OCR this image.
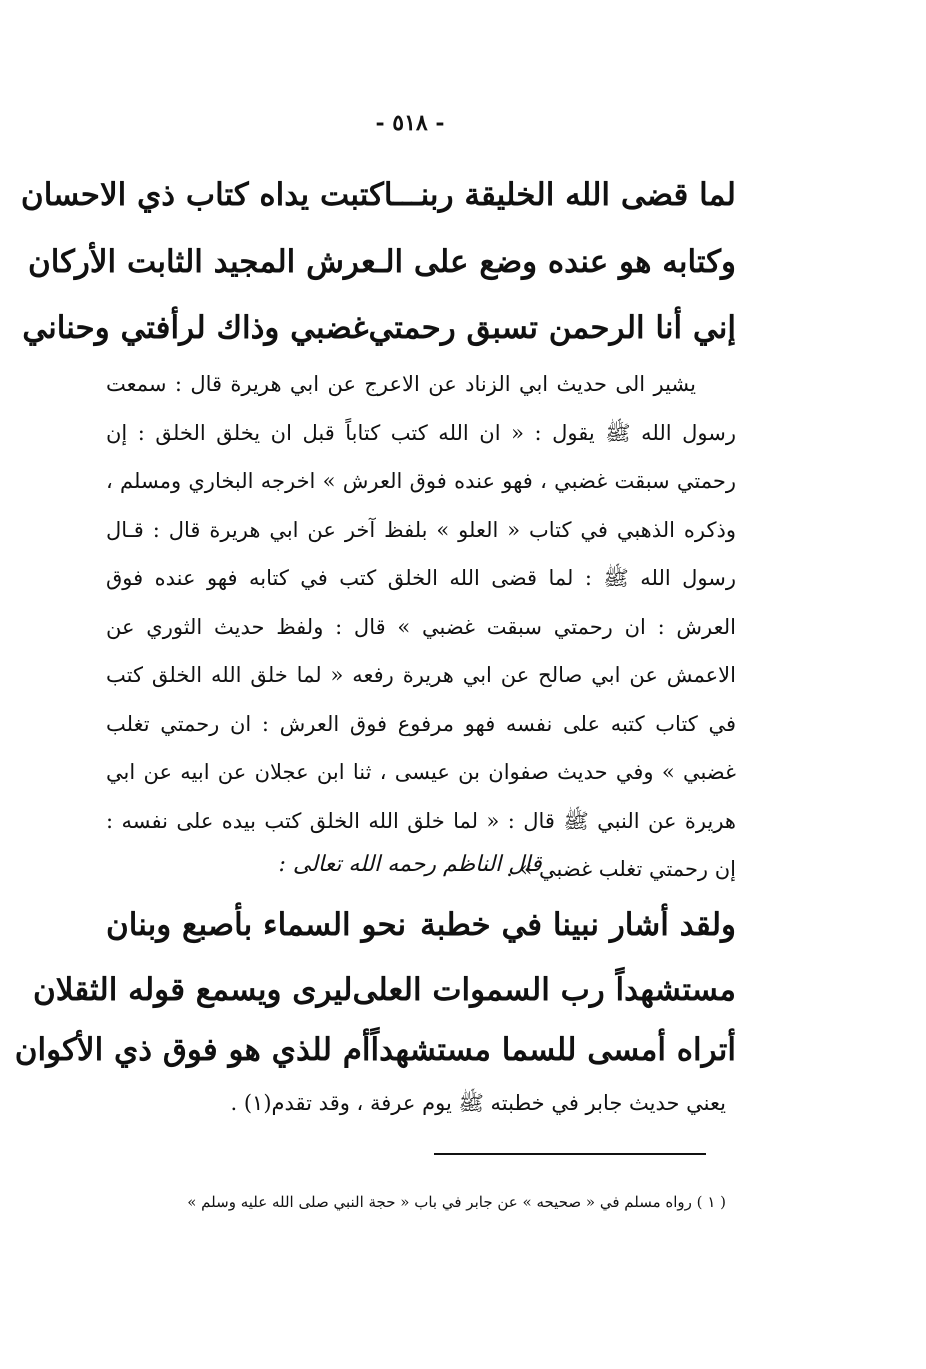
- ٥١٨ -
لما قضى الله الخليقة ربنـــا
كتبت يداه كتاب ذي الاحسان
وكتابه هو عنده وضع على الـعرش المجيد الثابت الأركان
إني أنا الرحمن تسبق رحمتي
غضبي وذاك لرأفتي وحناني

يشير الى حديث ابي الزناد عن الاعرج عن ابي هريرة قال : سمعت رسول الله ﷺ يقول : « ان الله كتب كتاباً قبل ان يخلق الخلق : إن رحمتي سبقت غضبي ، فهو عنده فوق العرش » اخرجه البخاري ومسلم ، وذكره الذهبي في كتاب « العلو » بلفظ آخر عن ابي هريرة قال : قـال رسول الله ﷺ : لما قضى الله الخلق كتب في كتابه فهو عنده فوق العرش : ان رحمتي سبقت غضبي » قال : ولفظ حديث الثوري عن الاعمش عن ابي صالح عن ابي هريرة رفعه « لما خلق الله الخلق كتب في كتاب كتبه على نفسه فهو مرفوع فوق العرش : ان رحمتي تغلب غضبي » وفي حديث صفوان بن عيسى ، ثنا ابن عجلان عن ابيه عن ابي هريرة عن النبي ﷺ قال : « لما خلق الله الخلق كتب بيده على نفسه : إن رحمتي تغلب غضبي » .

قال الناظم رحمه الله تعالى :
ولقد أشار نبينا في خطبة
نحو السماء بأصبع وبنان
مستشهداً رب السموات العلى
ليرى ويسمع قوله الثقلان
أتراه أمسى للسما مستشهداً
أم للذي هو فوق ذي الأكوان
يعني حديث جابر في خطبته ﷺ يوم عرفة ، وقد تقدم(١) .
( ١ ) رواه مسلم في « صحيحه » عن جابر في باب « حجة النبي صلى الله عليه وسلم »
